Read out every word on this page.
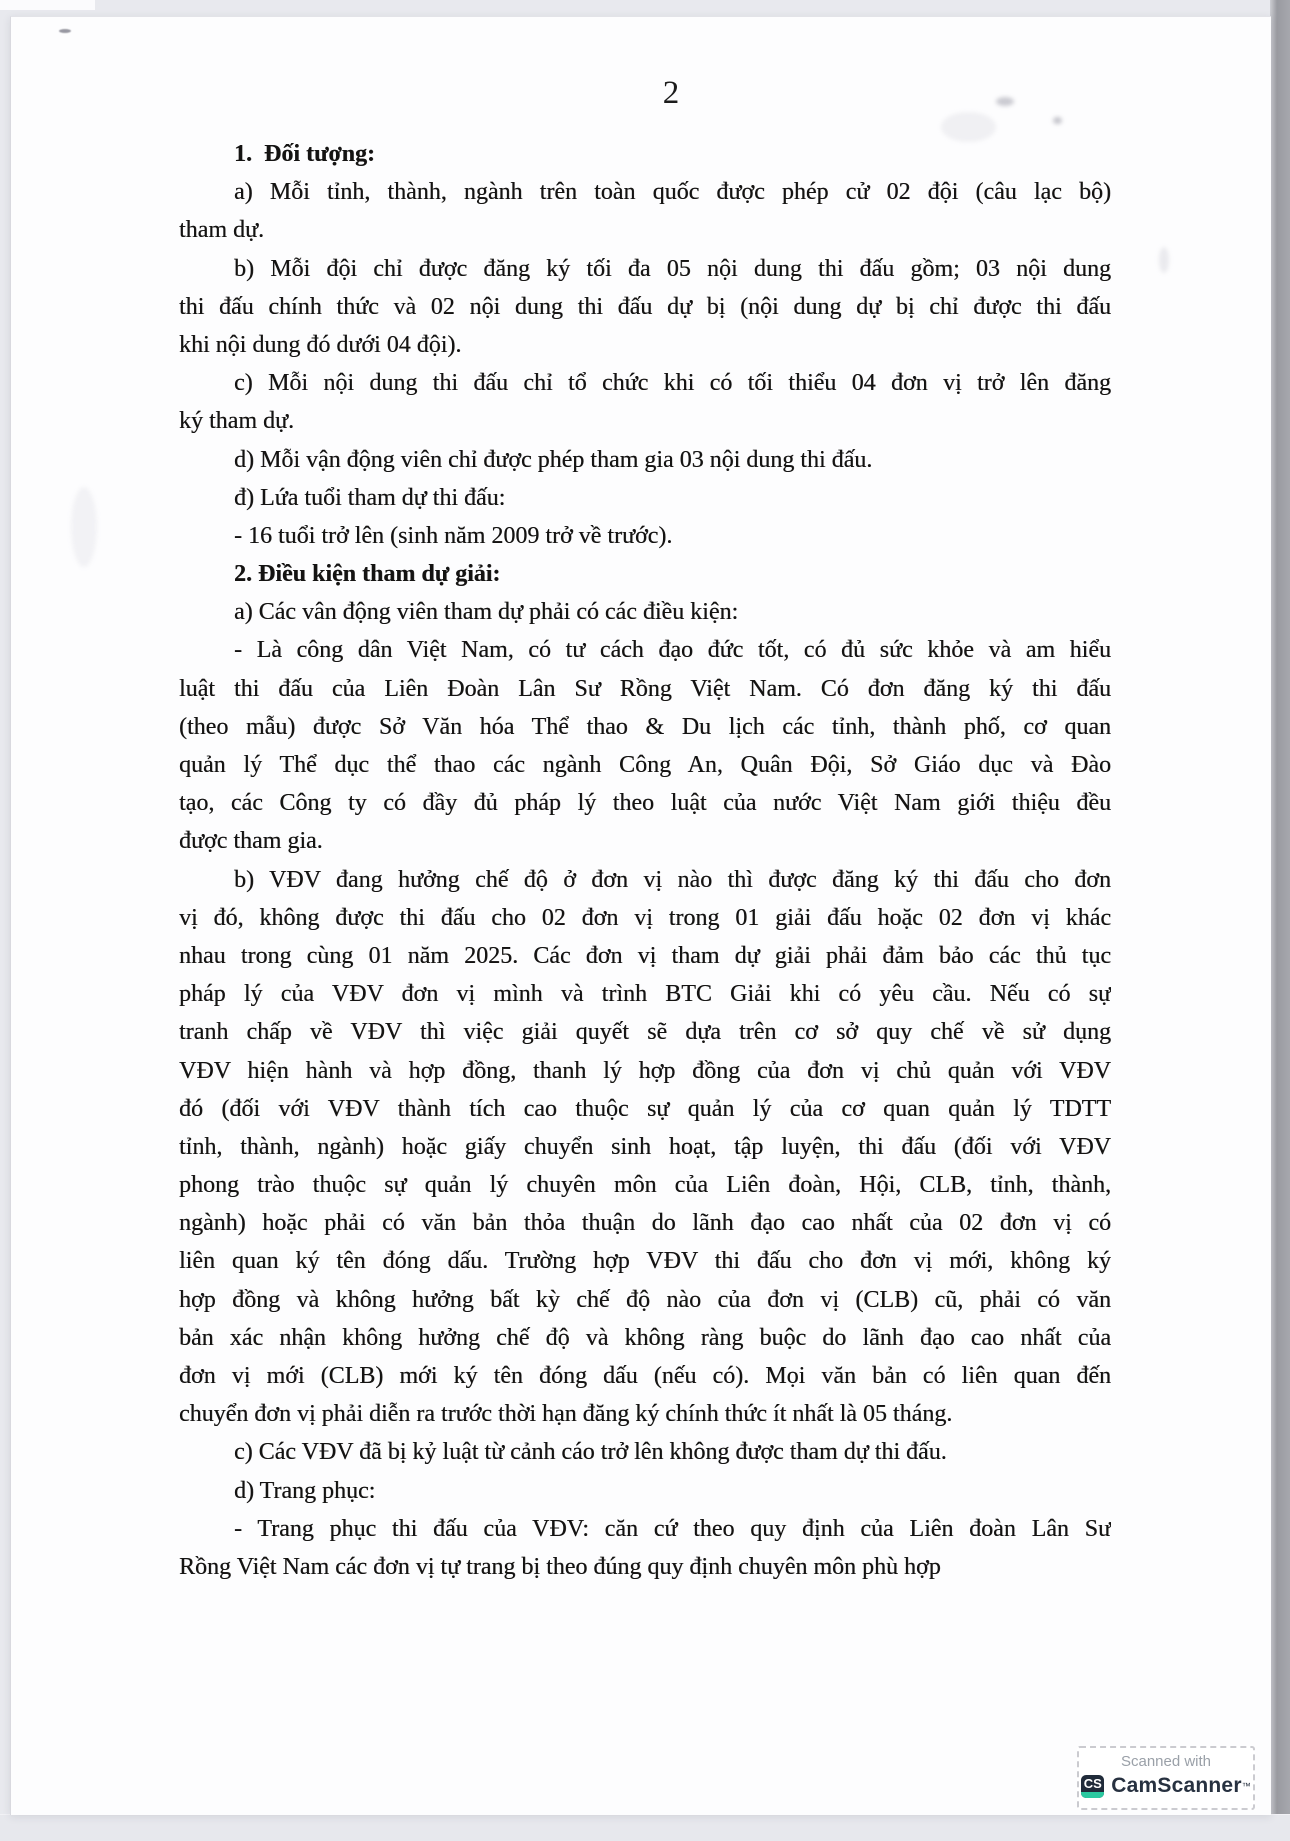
2
1.  Đối tượng:
a) Mỗi tỉnh, thành, ngành trên toàn quốc được phép cử 02 đội (câu lạc bộ)
tham dự.
b) Mỗi đội chỉ được đăng ký tối đa 05 nội dung thi đấu gồm; 03 nội dung
thi đấu chính thức và 02 nội dung thi đấu dự bị (nội dung dự bị chỉ được thi đấu
khi nội dung đó dưới 04 đội).
c) Mỗi nội dung thi đấu chỉ tổ chức khi có tối thiểu 04 đơn vị trở lên đăng
ký tham dự.
d) Mỗi vận động viên chỉ được phép tham gia 03 nội dung thi đấu.
đ) Lứa tuổi tham dự thi đấu:
- 16 tuổi trở lên (sinh năm 2009 trở về trước).
2. Điều kiện tham dự giải:
a) Các vân động viên tham dự phải có các điều kiện:
- Là công dân Việt Nam, có tư cách đạo đức tốt, có đủ sức khỏe và am hiểu
luật thi đấu của Liên Đoàn Lân Sư Rồng Việt Nam. Có đơn đăng ký thi đấu
(theo mẫu) được Sở Văn hóa Thể thao & Du lịch các tỉnh, thành phố, cơ quan
quản lý Thể dục thể thao các ngành Công An, Quân Đội, Sở Giáo dục và Đào
tạo, các Công ty có đầy đủ pháp lý theo luật của nước Việt Nam giới thiệu đều
được tham gia.
b) VĐV đang hưởng chế độ ở đơn vị nào thì được đăng ký thi đấu cho đơn
vị đó, không được thi đấu cho 02 đơn vị trong 01 giải đấu hoặc 02 đơn vị khác
nhau trong cùng 01 năm 2025. Các đơn vị tham dự giải phải đảm bảo các thủ tục
pháp lý của VĐV đơn vị mình và trình BTC Giải khi có yêu cầu. Nếu có sự
tranh chấp về VĐV thì việc giải quyết sẽ dựa trên cơ sở quy chế về sử dụng
VĐV hiện hành và hợp đồng, thanh lý hợp đồng của đơn vị chủ quản với VĐV
đó (đối với VĐV thành tích cao thuộc sự quản lý của cơ quan quản lý TDTT
tỉnh, thành, ngành) hoặc giấy chuyển sinh hoạt, tập luyện, thi đấu (đối với VĐV
phong trào thuộc sự quản lý chuyên môn của Liên đoàn, Hội, CLB, tỉnh, thành,
ngành) hoặc phải có văn bản thỏa thuận do lãnh đạo cao nhất của 02 đơn vị có
liên quan ký tên đóng dấu. Trường hợp VĐV thi đấu cho đơn vị mới, không ký
hợp đồng và không hưởng bất kỳ chế độ nào của đơn vị (CLB) cũ, phải có văn
bản xác nhận không hưởng chế độ và không ràng buộc do lãnh đạo cao nhất của
đơn vị mới (CLB) mới ký tên đóng dấu (nếu có). Mọi văn bản có liên quan đến
chuyển đơn vị phải diễn ra trước thời hạn đăng ký chính thức ít nhất là 05 tháng.
c) Các VĐV đã bị kỷ luật từ cảnh cáo trở lên không được tham dự thi đấu.
d) Trang phục:
- Trang phục thi đấu của VĐV: căn cứ theo quy định của Liên đoàn Lân Sư
Rồng Việt Nam các đơn vị tự trang bị theo đúng quy định chuyên môn phù hợp
Scanned with
CS CamScanner ™
